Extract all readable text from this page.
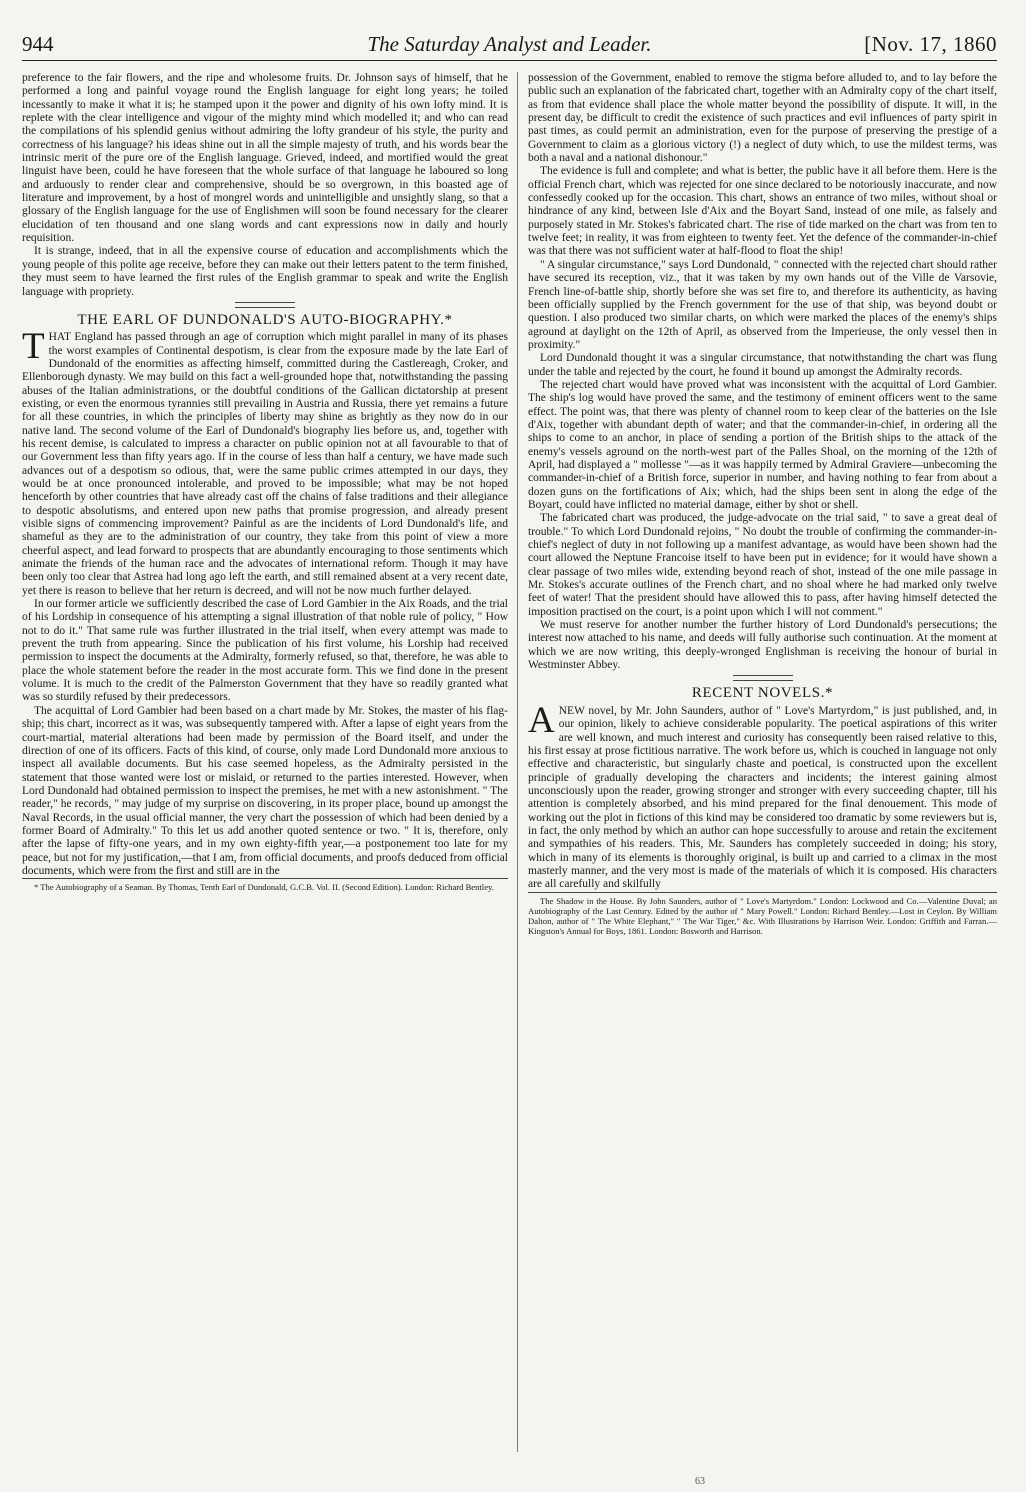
944	The Saturday Analyst and Leader.	[Nov. 17, 1860

preference to the fair flowers, and the ripe and wholesome fruits. Dr. Johnson says of himself, that he performed a long and painful voyage round the English language for eight long years; he toiled incessantly to make it what it is; he stamped upon it the power and dignity of his own lofty mind. It is replete with the clear intelligence and vigour of the mighty mind which modelled it; and who can read the compilations of his splendid genius without admiring the lofty grandeur of his style, the purity and correctness of his language? his ideas shine out in all the simple majesty of truth, and his words bear the intrinsic merit of the pure ore of the English language. Grieved, indeed, and mortified would the great linguist have been, could he have foreseen that the whole surface of that language he laboured so long and arduously to render clear and comprehensive, should be so overgrown, in this boasted age of literature and improvement, by a host of mongrel words and unintelligible and unsightly slang, so that a glossary of the English language for the use of Englishmen will soon be found necessary for the clearer elucidation of ten thousand and one slang words and cant expressions now in daily and hourly requisition.

It is strange, indeed, that in all the expensive course of education and accomplishments which the young people of this polite age receive, before they can make out their letters patent to the term finished, they must seem to have learned the first rules of the English grammar to speak and write the English language with propriety.

THE EARL OF DUNDONALD'S AUTO-BIOGRAPHY.*

THAT England has passed through an age of corruption which might parallel in many of its phases the worst examples of Continental despotism, is clear from the exposure made by the late Earl of Dundonald of the enormities as affecting himself, committed during the Castlereagh, Croker, and Ellenborough dynasty. We may build on this fact a well-grounded hope that, notwithstanding the passing abuses of the Italian administrations, or the doubtful conditions of the Gallican dictatorship at present existing, or even the enormous tyrannies still prevailing in Austria and Russia, there yet remains a future for all these countries, in which the principles of liberty may shine as brightly as they now do in our native land. The second volume of the Earl of Dundonald's biography lies before us, and, together with his recent demise, is calculated to impress a character on public opinion not at all favourable to that of our Government less than fifty years ago. If in the course of less than half a century, we have made such advances out of a despotism so odious, that, were the same public crimes attempted in our days, they would be at once pronounced intolerable, and proved to be impossible; what may be not hoped henceforth by other countries that have already cast off the chains of false traditions and their allegiance to despotic absolutisms, and entered upon new paths that promise progression, and already present visible signs of commencing improvement? Painful as are the incidents of Lord Dundonald's life, and shameful as they are to the administration of our country, they take from this point of view a more cheerful aspect, and lead forward to prospects that are abundantly encouraging to those sentiments which animate the friends of the human race and the advocates of international reform. Though it may have been only too clear that Astrea had long ago left the earth, and still remained absent at a very recent date, yet there is reason to believe that her return is decreed, and will not be now much further delayed.

In our former article we sufficiently described the case of Lord Gambier in the Aix Roads, and the trial of his Lordship in consequence of his attempting a signal illustration of that noble rule of policy, " How not to do it." That same rule was further illustrated in the trial itself, when every attempt was made to prevent the truth from appearing. Since the publication of his first volume, his Lorship had received permission to inspect the documents at the Admiralty, formerly refused, so that, therefore, he was able to place the whole statement before the reader in the most accurate form. This we find done in the present volume. It is much to the credit of the Palmerston Government that they have so readily granted what was so sturdily refused by their predecessors.

The acquittal of Lord Gambier had been based on a chart made by Mr. Stokes, the master of his flag-ship; this chart, incorrect as it was, was subsequently tampered with. After a lapse of eight years from the court-martial, material alterations had been made by permission of the Board itself, and under the direction of one of its officers. Facts of this kind, of course, only made Lord Dundonald more anxious to inspect all available documents. But his case seemed hopeless, as the Admiralty persisted in the statement that those wanted were lost or mislaid, or returned to the parties interested. However, when Lord Dundonald had obtained permission to inspect the premises, he met with a new astonishment. " The reader," he records, " may judge of my surprise on discovering, in its proper place, bound up amongst the Naval Records, in the usual official manner, the very chart the possession of which had been denied by a former Board of Admiralty." To this let us add another quoted sentence or two. " It is, therefore, only after the lapse of fifty-one years, and in my own eighty-fifth year,—a postponement too late for my peace, but not for my justification,—that I am, from official documents, and proofs deduced from official documents, which were from the first and still are in the

* The Autobiography of a Seaman. By Thomas, Tenth Earl of Dundonald, G.C.B. Vol. II. (Second Edition). London: Richard Bentley.

possession of the Government, enabled to remove the stigma before alluded to, and to lay before the public such an explanation of the fabricated chart, together with an Admiralty copy of the chart itself, as from that evidence shall place the whole matter beyond the possibility of dispute. It will, in the present day, be difficult to credit the existence of such practices and evil influences of party spirit in past times, as could permit an administration, even for the purpose of preserving the prestige of a Government to claim as a glorious victory (!) a neglect of duty which, to use the mildest terms, was both a naval and a national dishonour."

The evidence is full and complete; and what is better, the public have it all before them. Here is the official French chart, which was rejected for one since declared to be notoriously inaccurate, and now confessedly cooked up for the occasion. This chart, shows an entrance of two miles, without shoal or hindrance of any kind, between Isle d'Aix and the Boyart Sand, instead of one mile, as falsely and purposely stated in Mr. Stokes's fabricated chart. The rise of tide marked on the chart was from ten to twelve feet; in reality, it was from eighteen to twenty feet. Yet the defence of the commander-in-chief was that there was not sufficient water at half-flood to float the ship!

" A singular circumstance," says Lord Dundonald, " connected with the rejected chart should rather have secured its reception, viz., that it was taken by my own hands out of the Ville de Varsovie, French line-of-battle ship, shortly before she was set fire to, and therefore its authenticity, as having been officially supplied by the French government for the use of that ship, was beyond doubt or question. I also produced two similar charts, on which were marked the places of the enemy's ships aground at daylight on the 12th of April, as observed from the Imperieuse, the only vessel then in proximity."

Lord Dundonald thought it was a singular circumstance, that notwithstanding the chart was flung under the table and rejected by the court, he found it bound up amongst the Admiralty records.

The rejected chart would have proved what was inconsistent with the acquittal of Lord Gambier. The ship's log would have proved the same, and the testimony of eminent officers went to the same effect. The point was, that there was plenty of channel room to keep clear of the batteries on the Isle d'Aix, together with abundant depth of water; and that the commander-in-chief, in ordering all the ships to come to an anchor, in place of sending a portion of the British ships to the attack of the enemy's vessels aground on the north-west part of the Palles Shoal, on the morning of the 12th of April, had displayed a " mollesse "—as it was happily termed by Admiral Graviere—unbecoming the commander-in-chief of a British force, superior in number, and having nothing to fear from about a dozen guns on the fortifications of Aix; which, had the ships been sent in along the edge of the Boyart, could have inflicted no material damage, either by shot or shell.

The fabricated chart was produced, the judge-advocate on the trial said, " to save a great deal of trouble." To which Lord Dundonald rejoins, " No doubt the trouble of confirming the commander-in-chief's neglect of duty in not following up a manifest advantage, as would have been shown had the court allowed the Neptune Francoise itself to have been put in evidence; for it would have shown a clear passage of two miles wide, extending beyond reach of shot, instead of the one mile passage in Mr. Stokes's accurate outlines of the French chart, and no shoal where he had marked only twelve feet of water! That the president should have allowed this to pass, after having himself detected the imposition practised on the court, is a point upon which I will not comment."

We must reserve for another number the further history of Lord Dundonald's persecutions; the interest now attached to his name, and deeds will fully authorise such continuation. At the moment at which we are now writing, this deeply-wronged Englishman is receiving the honour of burial in Westminster Abbey.

RECENT NOVELS.*

ANEW novel, by Mr. John Saunders, author of " Love's Martyrdom," is just published, and, in our opinion, likely to achieve considerable popularity. The poetical aspirations of this writer are well known, and much interest and curiosity has consequently been raised relative to this, his first essay at prose fictitious narrative. The work before us, which is couched in language not only effective and characteristic, but singularly chaste and poetical, is constructed upon the excellent principle of gradually developing the characters and incidents; the interest gaining almost unconsciously upon the reader, growing stronger and stronger with every succeeding chapter, till his attention is completely absorbed, and his mind prepared for the final denouement. This mode of working out the plot in fictions of this kind may be considered too dramatic by some reviewers but is, in fact, the only method by which an author can hope successfully to arouse and retain the excitement and sympathies of his readers. This, Mr. Saunders has completely succeeded in doing; his story, which in many of its elements is thoroughly original, is built up and carried to a climax in the most masterly manner, and the very most is made of the materials of which it is composed. His characters are all carefully and skilfully

The Shadow in the House. By John Saunders, author of " Love's Martyrdom." London: Lockwood and Co.—Valentine Duval; an Autobiography of the Last Century. Edited by the author of " Mary Powell." London: Richard Bentley.—Lost in Ceylon. By William Dalton, author of " The White Elephant," " The War Tiger," &c. With Illustrations by Harrison Weir. London: Griffith and Farran.—Kingston's Annual for Boys, 1861. London: Bosworth and Harrison.

63
